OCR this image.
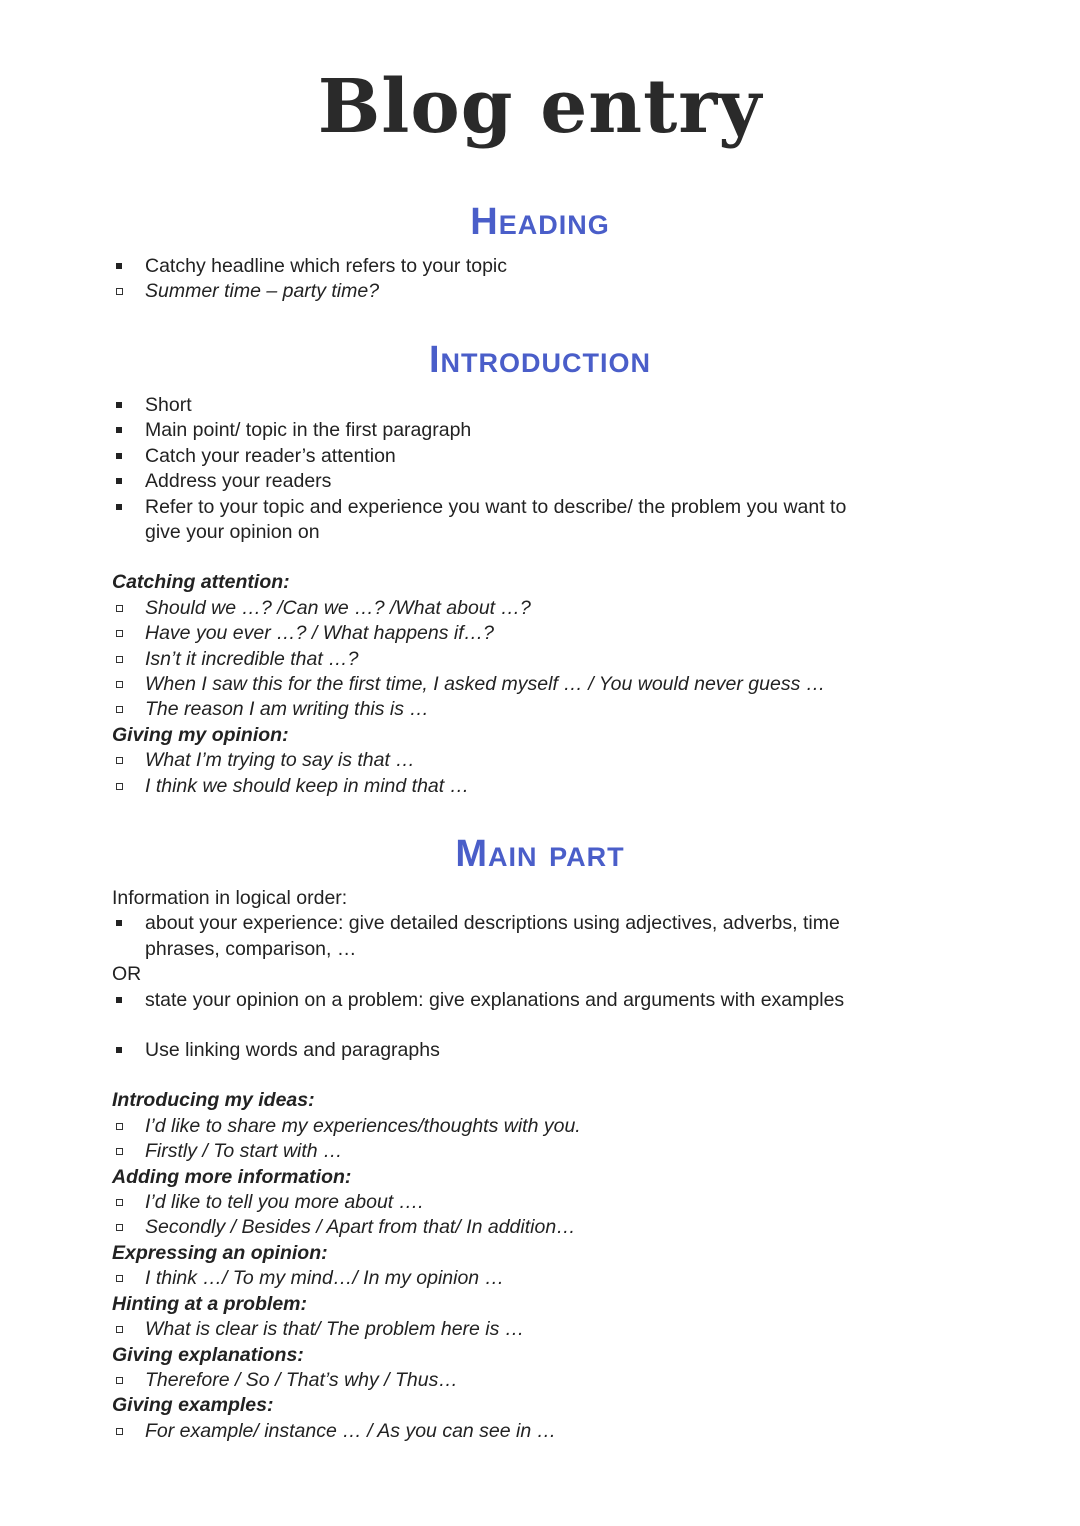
Blog entry
Heading
Catchy headline which refers to your topic
Summer time – party time?
Introduction
Short
Main point/ topic in the first paragraph
Catch your reader’s attention
Address your readers
Refer to your topic and experience you want to describe/ the problem you want to
give your opinion on
Catching attention:
Should we …? /Can we …? /What about …?
Have you ever …? / What happens if…?
Isn’t it incredible that …?
When I saw this for the first time, I asked myself … / You would never guess …
The reason I am writing this is …
Giving my opinion:
What I’m trying to say is that …
I think we should keep in mind that …
Main part
Information in logical order:
about your experience: give detailed descriptions using adjectives, adverbs, time
phrases, comparison, …
OR
state your opinion on a problem: give explanations and arguments with examples
Use linking words and paragraphs
Introducing my ideas:
I’d like to share my experiences/thoughts with you.
Firstly / To start with …
Adding more information:
I’d like to tell you more about ….
Secondly / Besides / Apart from that/ In addition…
Expressing an opinion:
I think …/ To my mind…/ In my opinion …
Hinting at a problem:
What is clear is that/ The problem here is …
Giving explanations:
Therefore / So / That’s why / Thus…
Giving examples:
For example/ instance … / As you can see in …
